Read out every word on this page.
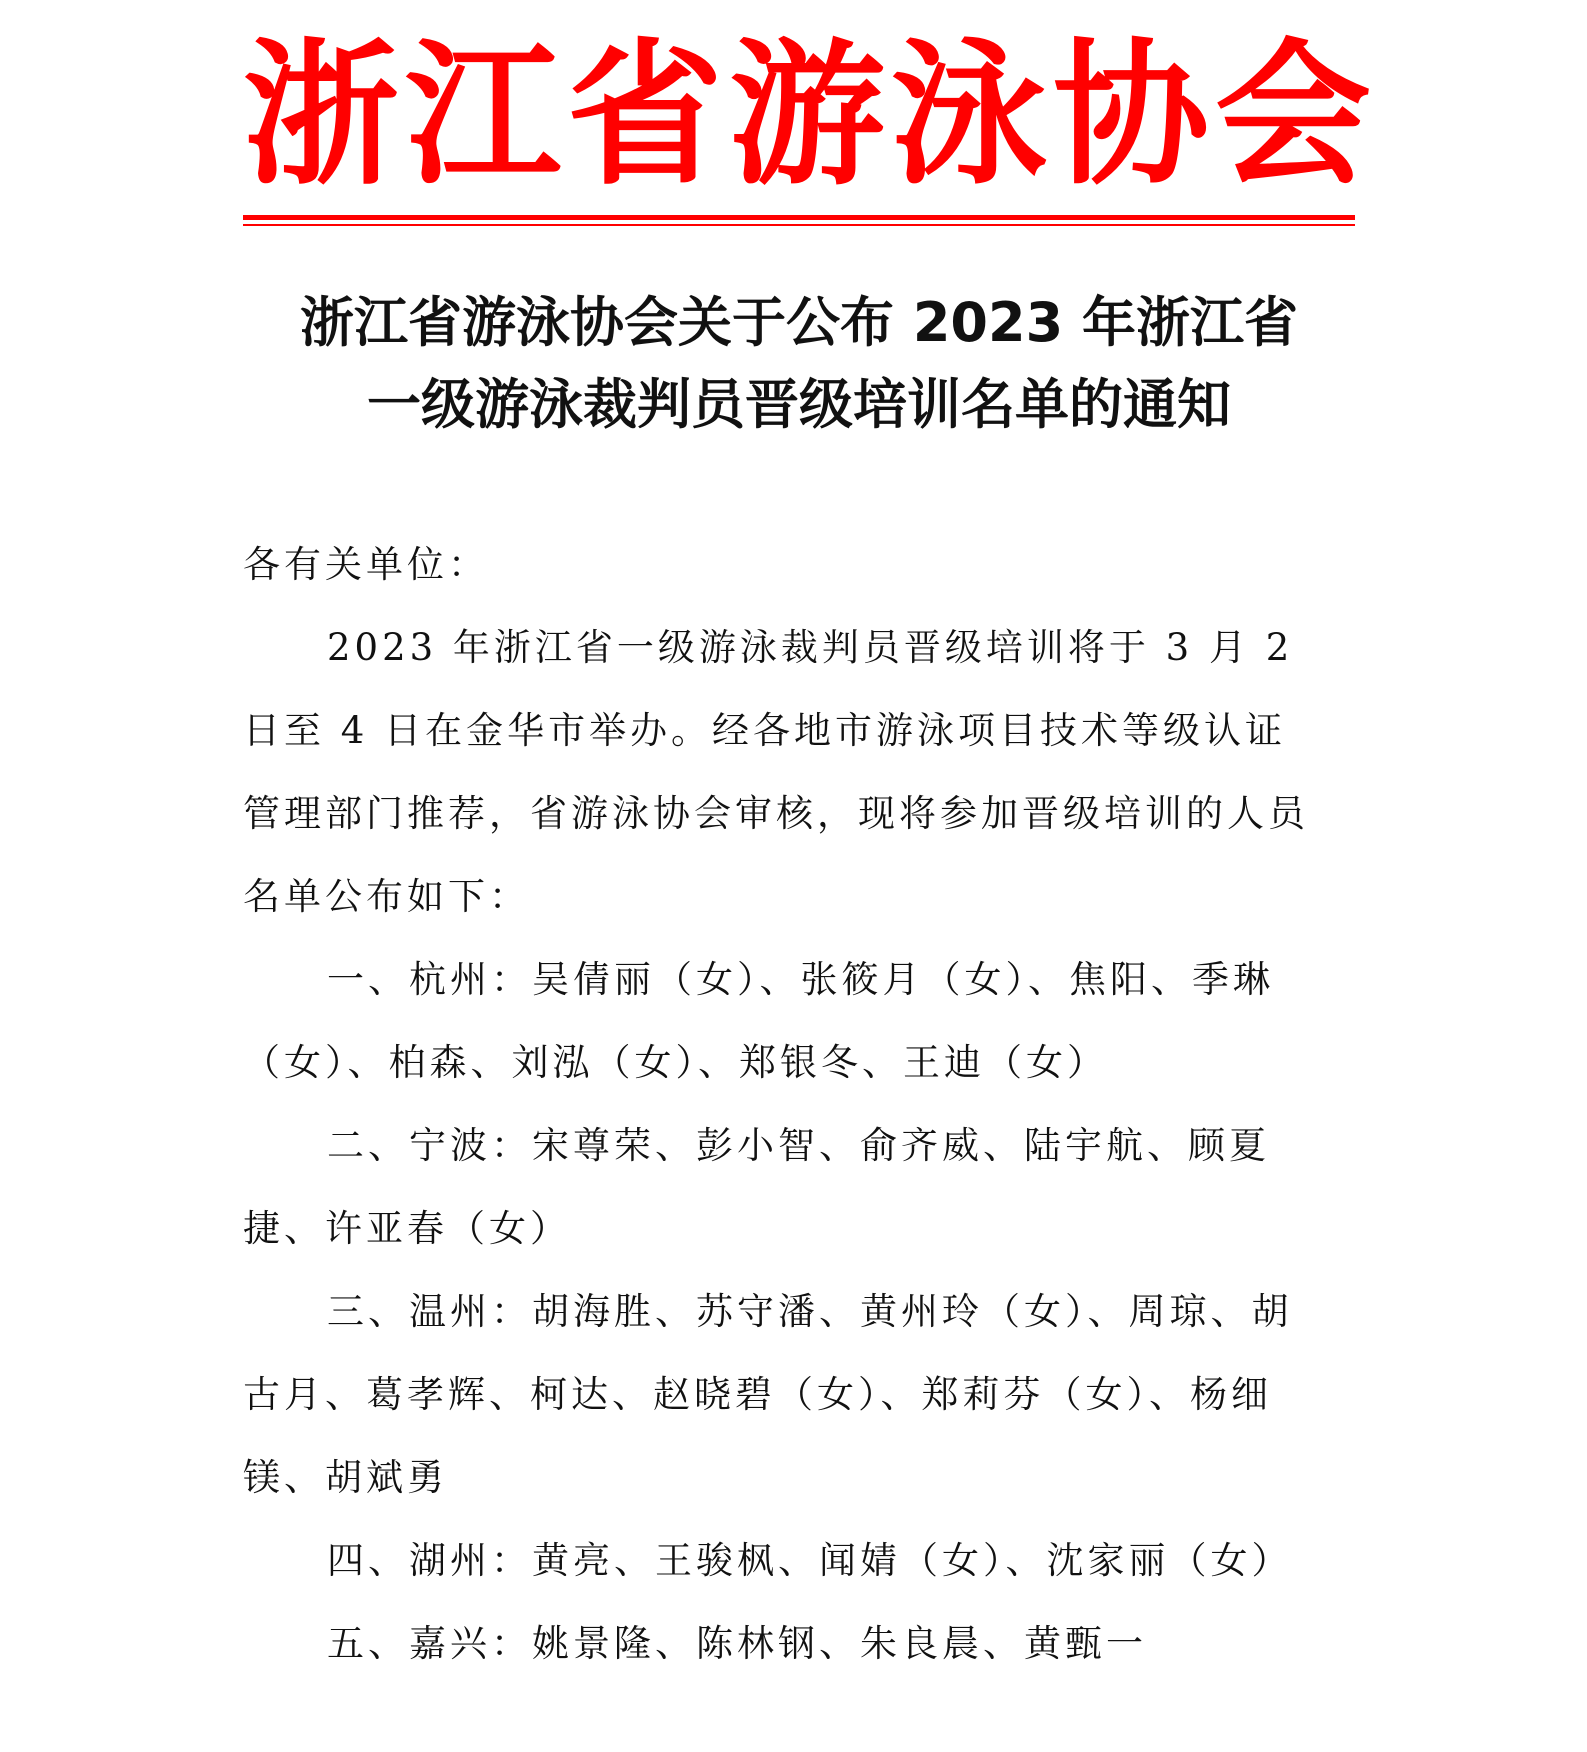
浙江省游泳协会
浙江省游泳协会关于公布 2023 年浙江省
一级游泳裁判员晋级培训名单的通知

各有关单位：

2023 年浙江省一级游泳裁判员晋级培训将于 3 月 2 日至 4 日在金华市举办。经各地市游泳项目技术等级认证管理部门推荐，省游泳协会审核，现将参加晋级培训的人员名单公布如下：

一、杭州：吴倩丽（女）、张筱月（女）、焦阳、季琳（女）、柏森、刘泓（女）、郑银冬、王迪（女）

二、宁波：宋尊荣、彭小智、俞齐威、陆宇航、顾夏捷、许亚春（女）

三、温州：胡海胜、苏守潘、黄州玲（女）、周琼、胡古月、葛孝辉、柯达、赵晓碧（女）、郑莉芬（女）、杨细镁、胡斌勇

四、湖州：黄亮、王骏枫、闻婧（女）、沈家丽（女）

五、嘉兴：姚景隆、陈林钢、朱良晨、黄甄一
